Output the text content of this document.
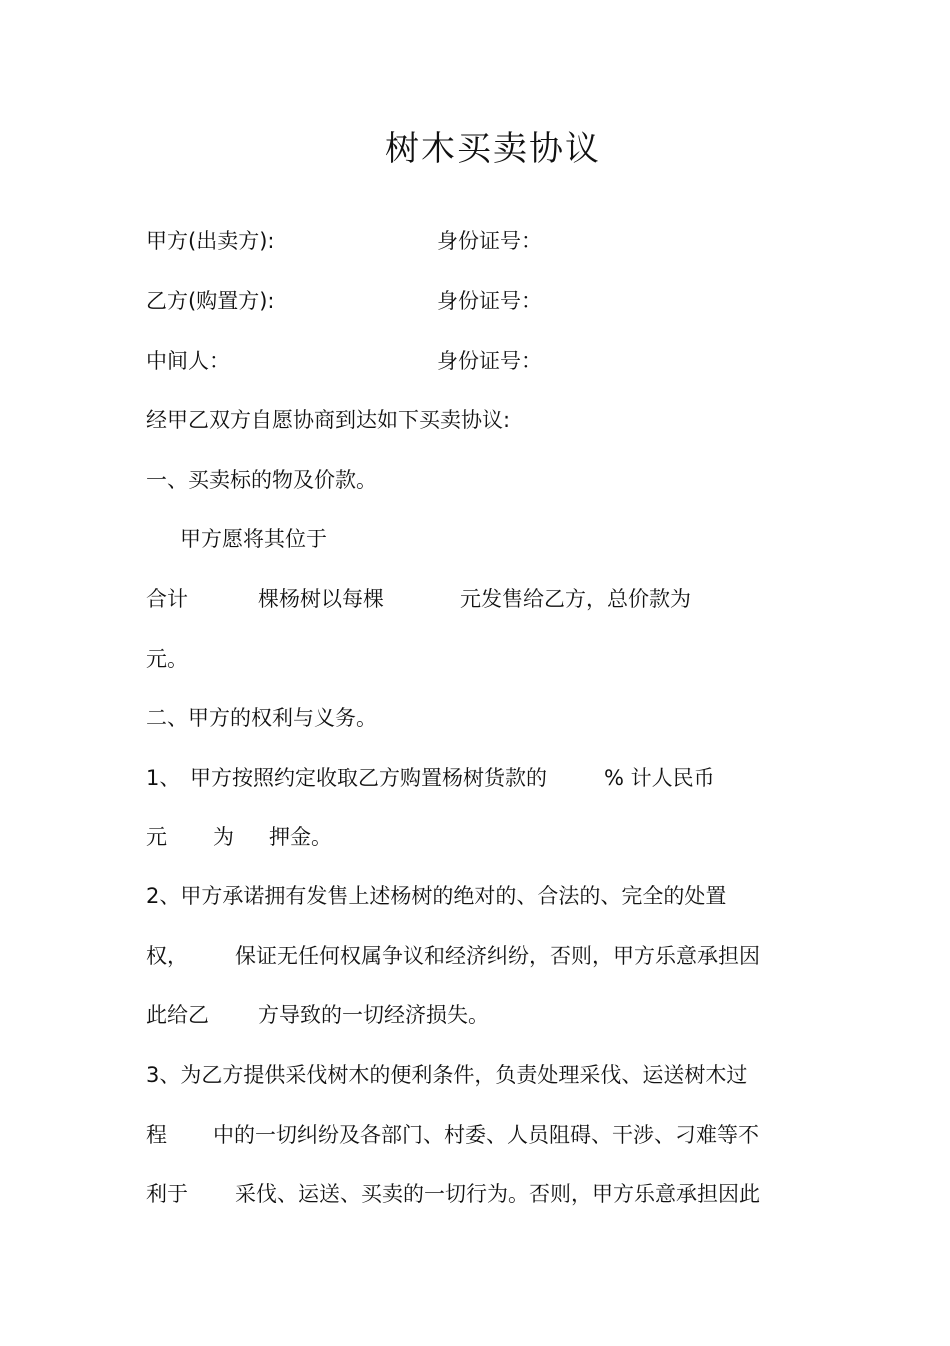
树木买卖协议
甲方(出卖方):	身份证号：
乙方(购置方):	身份证号：
中间人：	身份证号：
经甲乙双方自愿协商到达如下买卖协议:
一、买卖标的物及价款。
甲方愿将其位于
合计	棵杨树以每棵	元发售给乙方，总价款为
元。
二、甲方的权利与义务。
1、 甲方按照约定收取乙方购置杨树货款的	% 计人民币
元 为 押金。
2、甲方承诺拥有发售上述杨树的绝对的、合法的、完全的处置
权， 保证无任何权属争议和经济纠纷，否则，甲方乐意承担因
此给乙 方导致的一切经济损失。
3、为乙方提供采伐树木的便利条件，负责处理采伐、运送树木过
程 中的一切纠纷及各部门、村委、人员阻碍、干涉、刁难等不
利于 采伐、运送、买卖的一切行为。否则，甲方乐意承担因此
